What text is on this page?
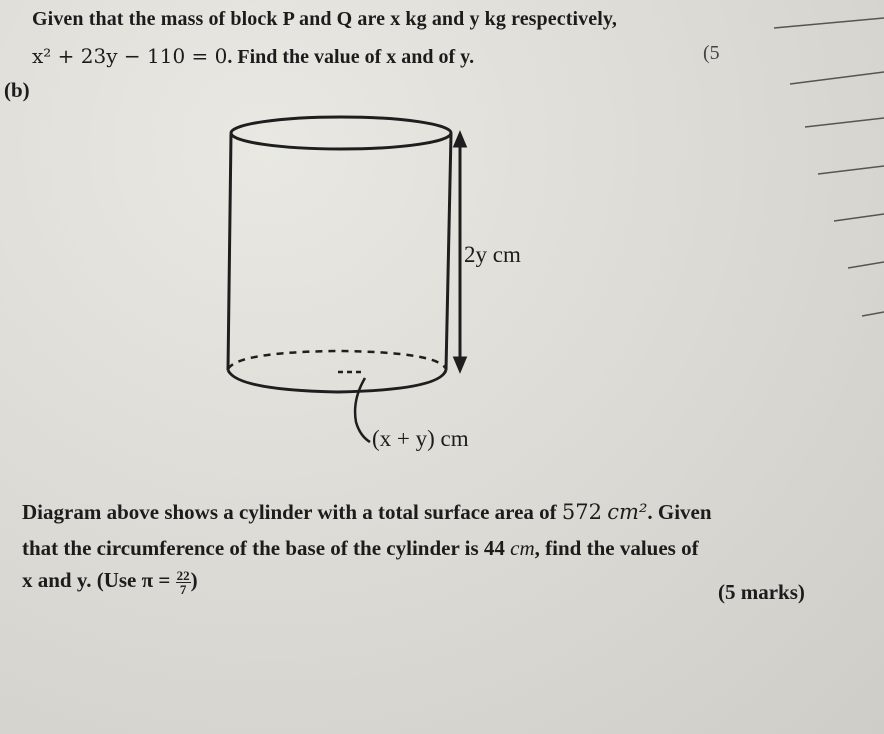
Given that the mass of block P and Q are x kg and y kg respectively,
x² + 23y − 110 = 0. Find the value of x and of y.	(5
(b)
2y cm
(x + y) cm
Diagram above shows a cylinder with a total surface area of 572 cm². Given
that the circumference of the base of the cylinder is 44 cm, find the values of
x and y. (Use $\pi = \frac{22}{7}$ )	(5 marks)
